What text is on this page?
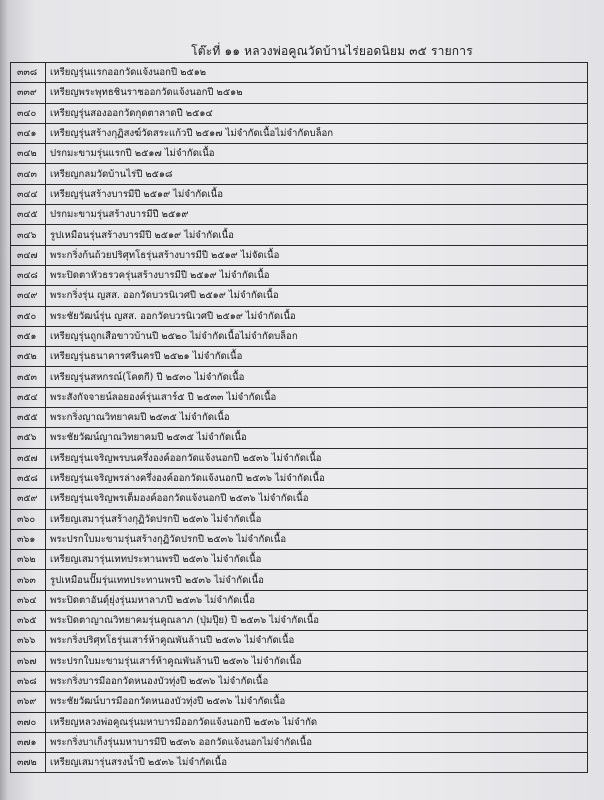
โต๊ะที่ ๑๑ หลวงพ่อคูณวัดบ้านไร่ยอดนิยม ๓๕ รายการ
๓๓๘	เหรียญรุ่นแรกออกวัดแจ้งนอกปี ๒๕๑๒
๓๓๙	เหรียญพระพุทธชินราชออกวัดแจ้งนอกปี ๒๕๑๒
๓๔๐	เหรียญรุ่นสองออกวัดกุดตาลาดปี ๒๕๑๔
๓๔๑	เหรียญรุ่นสร้างกุฏิสงฆ์วัดสระแก้วปี ๒๕๑๗ ไม่จำกัดเนื้อไม่จำกัดบล็อก
๓๔๒	ปรกมะขามรุ่นแรกปี ๒๕๑๗ ไม่จำกัดเนื้อ
๓๔๓	เหรียญกลมวัดบ้านไร่ปี ๒๕๑๘
๓๔๔	เหรียญรุ่นสร้างบารมีปี ๒๕๑๙ ไม่จำกัดเนื้อ
๓๔๕	ปรกมะขามรุ่นสร้างบารมีปี ๒๕๑๙
๓๔๖	รูปเหมือนรุ่นสร้างบารมีปี ๒๕๑๙ ไม่จำกัดเนื้อ
๓๔๗	พระกริ่งก้นถ้วยปริศุทโธรุ่นสร้างบารมีปี ๒๕๑๙ ไม่จัดเนื้อ
๓๔๘	พระปิดตาหัวธรวครุ่นสร้างบารมีปี ๒๕๑๙ ไม่จำกัดเนื้อ
๓๔๙	พระกริ่งรุ่น ญสส. ออกวัดบวรนิเวศปี ๒๕๑๙ ไม่จำกัดเนื้อ
๓๕๐	พระชัยวัฒน์รุ่น ญสส. ออกวัดบวรนิเวศปี ๒๕๑๙ ไม่จำกัดเนื้อ
๓๕๑	เหรียญรุ่นถูกเสือขาวบ้านปี ๒๕๒๐ ไม่จำกัดเนื้อไม่จำกัดบล็อก
๓๕๒	เหรียญรุ่นธนาคารศรีนครปี ๒๕๒๑ ไม่จำกัดเนื้อ
๓๕๓	เหรียญรุ่นสหกรณ์(โคตกี) ปี ๒๕๓๐ ไม่จำกัดเนื้อ
๓๕๔	พระสังกัจจายน์ลอยองค์รุ่นเสาร์๕ ปี ๒๕๓๓ ไม่จำกัดเนื้อ
๓๕๕	พระกริ่งญาณวิทยาคมปี ๒๕๓๕ ไม่จำกัดเนื้อ
๓๕๖	พระชัยวัฒน์ญาณวิทยาคมปี ๒๕๓๕ ไม่จำกัดเนื้อ
๓๕๗	เหรียญรุ่นเจริญพรบนครึ่งองค์ออกวัดแจ้งนอกปี ๒๕๓๖ ไม่จำกัดเนื้อ
๓๕๘	เหรียญรุ่นเจริญพรล่างครึ่งองค์ออกวัดแจ้งนอกปี ๒๕๓๖ ไม่จำกัดเนื้อ
๓๕๙	เหรียญรุ่นเจริญพรเต็มองค์ออกวัดแจ้งนอกปี ๒๕๓๖ ไม่จำกัดเนื้อ
๓๖๐	เหรียญเสมารุ่นสร้างกุฏิวัดปรกปี ๒๕๓๖ ไม่จำกัดเนื้อ
๓๖๑	พระปรกใบมะขามรุ่นสร้างกุฏิวัดปรกปี ๒๕๓๖ ไม่จำกัดเนื้อ
๓๖๒	เหรียญเสมารุ่นเททประทานพรปี ๒๕๓๖ ไม่จำกัดเนื้อ
๓๖๓	รูปเหมือนปั๊มรุ่นเททประทานพรปี ๒๕๓๖ ไม่จำกัดเนื้อ
๓๖๔	พระปิดตาอันดุ์ยุ่งรุ่นมหาลาภปี ๒๕๓๖ ไม่จำกัดเนื้อ
๓๖๕	พระปิดตาญาณวิทยาคมรุ่นคูณลาภ (ปุ่มปุ๊ย) ปี ๒๕๓๖ ไม่จำกัดเนื้อ
๓๖๖	พระกริ่งปริศุทโธรุ่นเสาร์ห้าคูณพันล้านปี ๒๕๓๖ ไม่จำกัดเนื้อ
๓๖๗	พระปรกใบมะขามรุ่นเสาร์ห้าคูณพันล้านปี ๒๕๓๖ ไม่จำกัดเนื้อ
๓๖๘	พระกริ่งบารมีออกวัดหนองบัวทุ่งปี ๒๕๓๖ ไม่จำกัดเนื้อ
๓๖๙	พระชัยวัฒน์บารมีออกวัดหนองบัวทุ่งปี ๒๕๓๖ ไม่จำกัดเนื้อ
๓๗๐	เหรียญหลวงพ่อคูณรุ่นมหาบารมีออกวัดแจ้งนอกปี ๒๕๓๖ ไม่จำกัด
๓๗๑	พระกริ่งบาเก็งรุ่นมหาบารมีปี ๒๕๓๖ ออกวัดแจ้งนอกไม่จำกัดเนื้อ
๓๗๒	เหรียญเสมารุ่นสรงน้ำปี ๒๕๓๖ ไม่จำกัดเนื้อ
